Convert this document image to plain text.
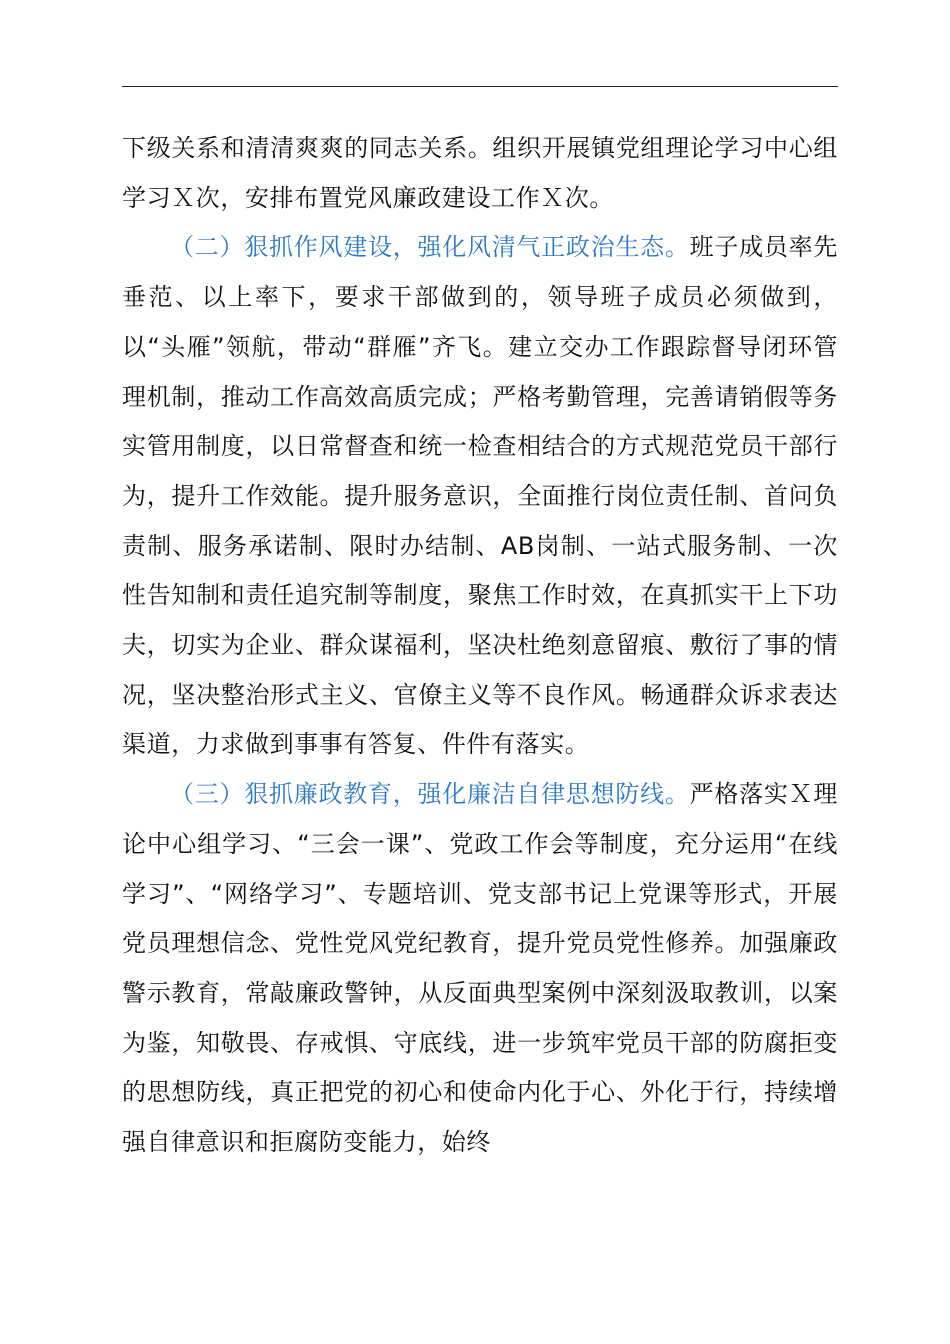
下级关系和清清爽爽的同志关系。组织开展镇党组理论学习中心组学习Ｘ次，安排布置党风廉政建设工作Ｘ次。

（二）狠抓作风建设，强化风清气正政治生态。班子成员率先垂范、以上率下，要求干部做到的，领导班子成员必须做到，以“头雁”领航，带动“群雁”齐飞。建立交办工作跟踪督导闭环管理机制，推动工作高效高质完成；严格考勤管理，完善请销假等务实管用制度，以日常督查和统一检查相结合的方式规范党员干部行为，提升工作效能。提升服务意识，全面推行岗位责任制、首问负责制、服务承诺制、限时办结制、AB岗制、一站式服务制、一次性告知制和责任追究制等制度，聚焦工作时效，在真抓实干上下功夫，切实为企业、群众谋福利，坚决杜绝刻意留痕、敷衍了事的情况，坚决整治形式主义、官僚主义等不良作风。畅通群众诉求表达渠道，力求做到事事有答复、件件有落实。

（三）狠抓廉政教育，强化廉洁自律思想防线。严格落实Ｘ理论中心组学习、“三会一课”、党政工作会等制度，充分运用“在线学习”、“网络学习”、专题培训、党支部书记上党课等形式，开展党员理想信念、党性党风党纪教育，提升党员党性修养。加强廉政警示教育，常敲廉政警钟，从反面典型案例中深刻汲取教训，以案为鉴，知敬畏、存戒惧、守底线，进一步筑牢党员干部的防腐拒变的思想防线，真正把党的初心和使命内化于心、外化于行，持续增强自律意识和拒腐防变能力，始终
